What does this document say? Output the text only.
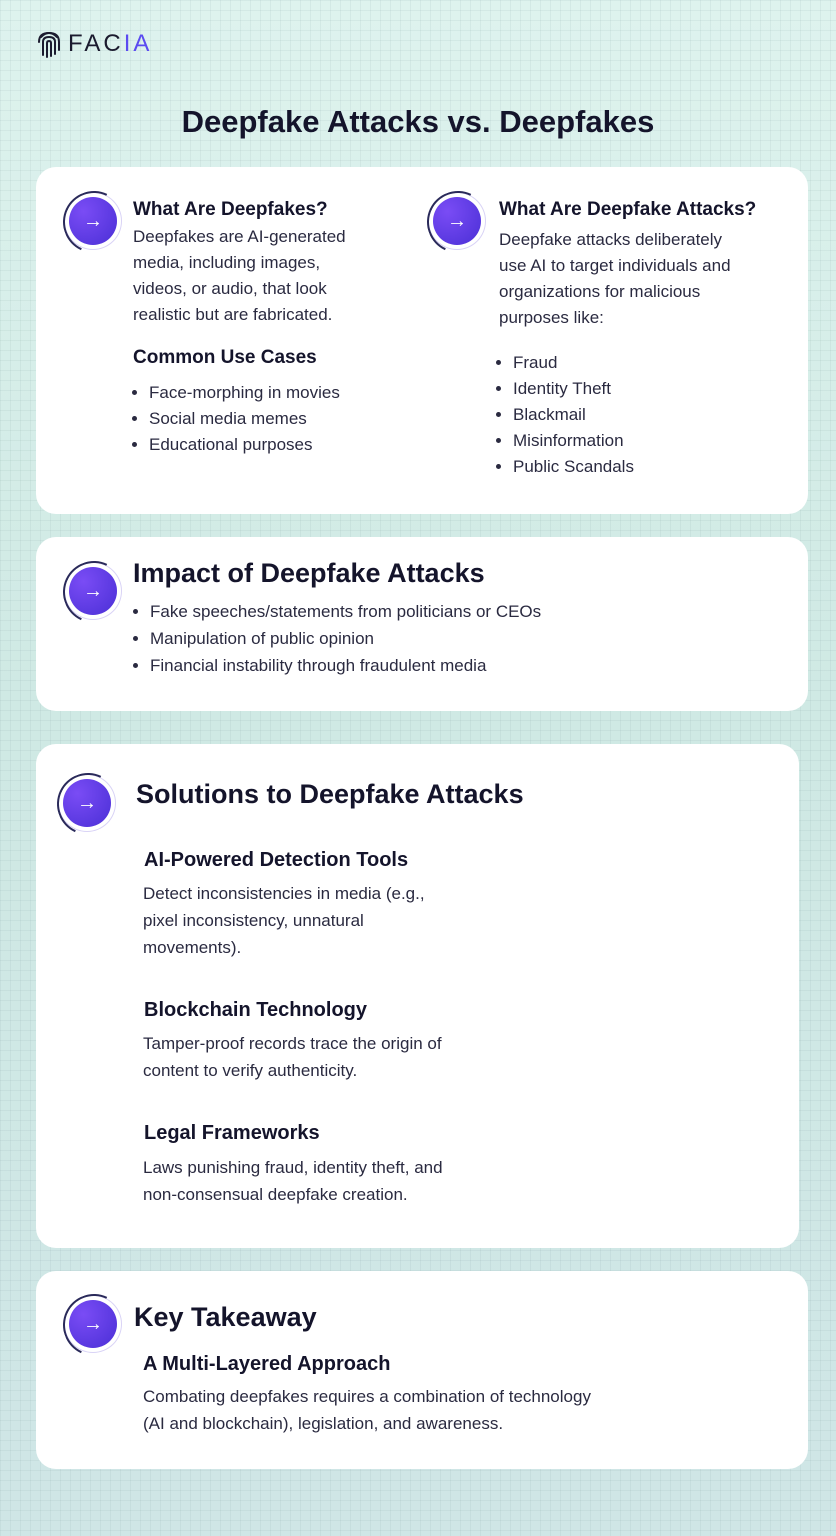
FACIA
Deepfake Attacks vs. Deepfakes
→	What Are Deepfakes?

Deepfakes are AI-generated
media, including images,
videos, or audio, that look
realistic but are fabricated.

Common Use Cases
• Face-morphing in movies
• Social media memes
• Educational purposes
→	What Are Deepfake Attacks?

Deepfake attacks deliberately
use AI to target individuals and
organizations for malicious
purposes like:

• Fraud
• Identity Theft
• Blackmail
• Misinformation
• Public Scandals
→
Impact of Deepfake Attacks
• Fake speeches/statements from politicians or CEOs
• Manipulation of public opinion
• Financial instability through fraudulent media
→	Solutions to Deepfake Attacks
AI-Powered Detection Tools

Detect inconsistencies in media (e.g.,
pixel inconsistency, unnatural
movements).

Blockchain Technology

Tamper-proof records trace the origin of
content to verify authenticity.

Legal Frameworks

Laws punishing fraud, identity theft, and
non-consensual deepfake creation.

→	Key Takeaway
A Multi-Layered Approach

Combating deepfakes requires a combination of technology
(AI and blockchain), legislation, and awareness.
